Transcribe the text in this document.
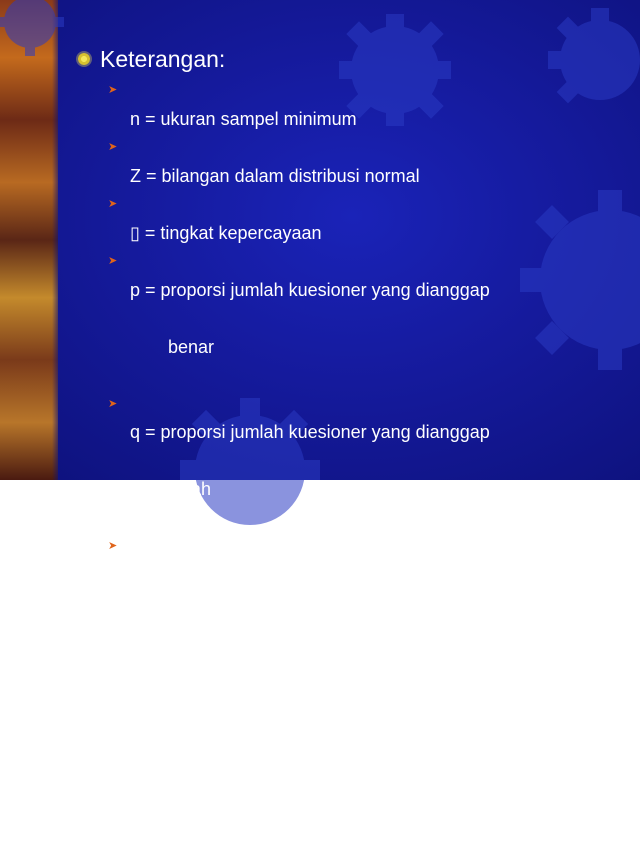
Keterangan:
➤

n = ukuran sampel minimum

➤

Z = bilangan dalam distribusi normal

➤

▯ = tingkat kepercayaan

➤

p = proporsi jumlah kuesioner yang dianggap

benar

➤

q = proporsi jumlah kuesioner yang dianggap

salah

➤

e = error atau perbedaan maksimum antara

proporsi sampel dengan proporsi populasi

yang dapat diterima untuk tingkat

kepercayaan yang digunakan dalam

penelitian
